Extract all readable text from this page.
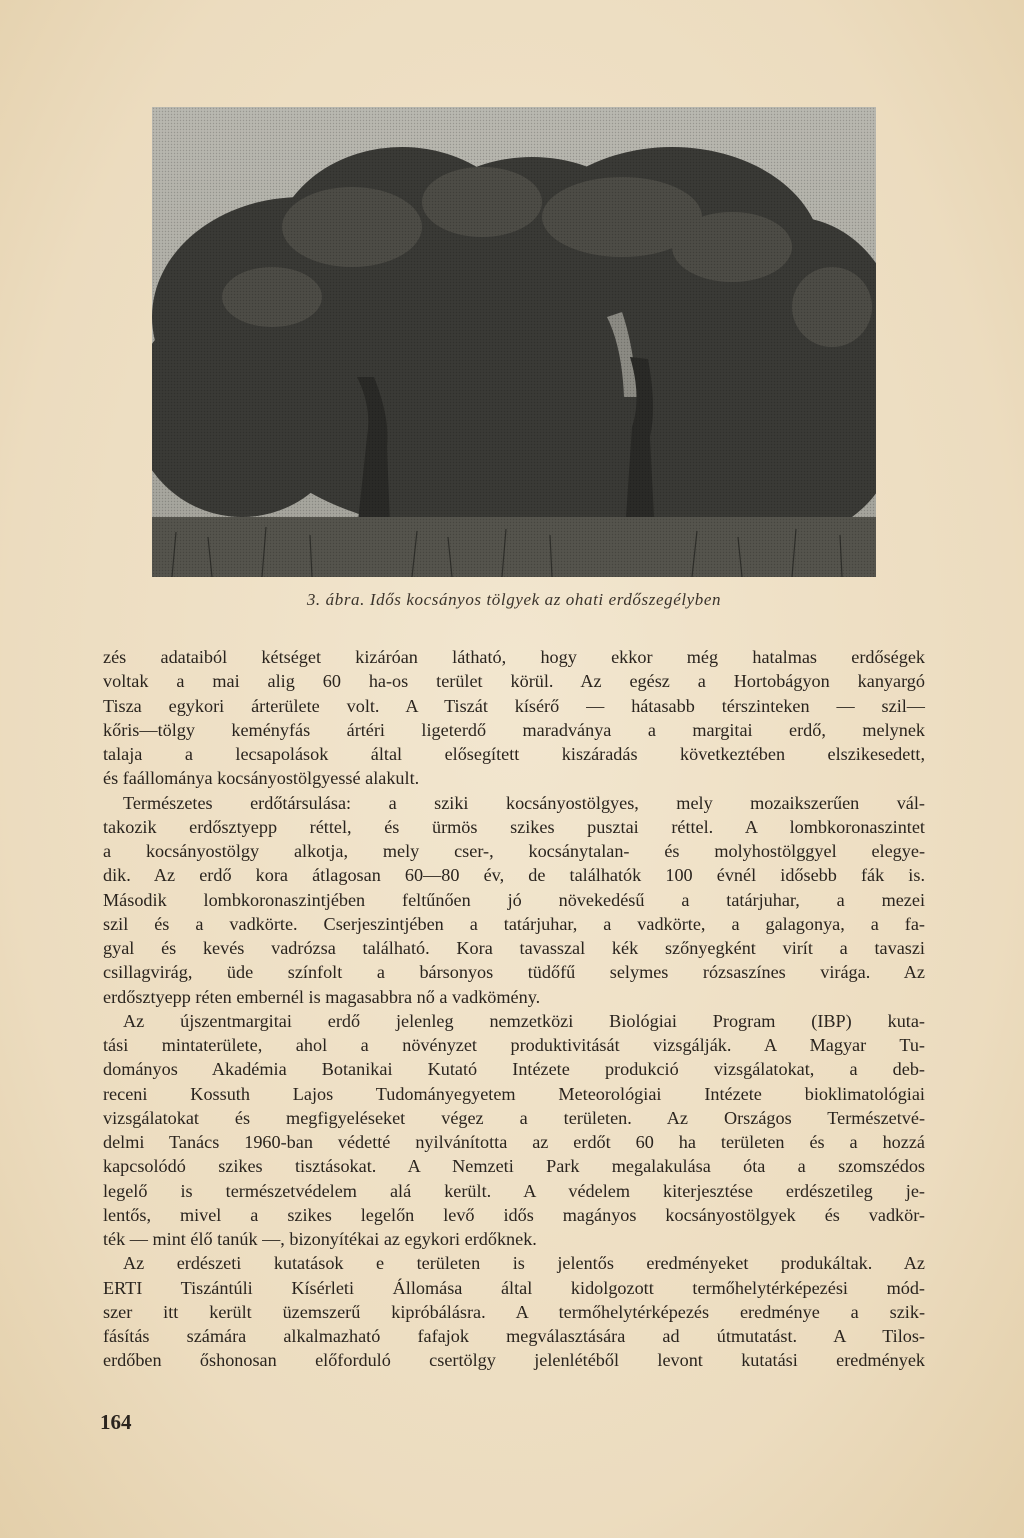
3. ábra. Idős kocsányos tölgyek az ohati erdőszegélyben
zés adataiból kétséget kizáróan látható, hogy ekkor még hatalmas erdőségek
voltak a mai alig 60 ha-os terület körül. Az egész a Hortobágyon kanyargó
Tisza egykori árterülete volt. A Tiszát kísérő — hátasabb térszinteken — szil—
kőris—tölgy keményfás ártéri ligeterdő maradványa a margitai erdő, melynek
talaja a lecsapolások által elősegített kiszáradás következtében elszikesedett,
és faállománya kocsányostölgyessé alakult.
Természetes erdőtársulása: a sziki kocsányostölgyes, mely mozaikszerűen vál-
takozik erdősztyepp réttel, és ürmös szikes pusztai réttel. A lombkoronaszintet
a kocsányostölgy alkotja, mely cser-, kocsánytalan- és molyhostölggyel elegye-
dik. Az erdő kora átlagosan 60—80 év, de találhatók 100 évnél idősebb fák is.
Második lombkoronaszintjében feltűnően jó növekedésű a tatárjuhar, a mezei
szil és a vadkörte. Cserjeszintjében a tatárjuhar, a vadkörte, a galagonya, a fa-
gyal és kevés vadrózsa található. Kora tavasszal kék szőnyegként virít a tavaszi
csillagvirág, üde színfolt a bársonyos tüdőfű selymes rózsaszínes virága. Az
erdősztyepp réten embernél is magasabbra nő a vadkömény.
Az újszentmargitai erdő jelenleg nemzetközi Biológiai Program (IBP) kuta-
tási mintaterülete, ahol a növényzet produktivitását vizsgálják. A Magyar Tu-
dományos Akadémia Botanikai Kutató Intézete produkció vizsgálatokat, a deb-
receni Kossuth Lajos Tudományegyetem Meteorológiai Intézete bioklimatológiai
vizsgálatokat és megfigyeléseket végez a területen. Az Országos Természetvé-
delmi Tanács 1960-ban védetté nyilvánította az erdőt 60 ha területen és a hozzá
kapcsolódó szikes tisztásokat. A Nemzeti Park megalakulása óta a szomszédos
legelő is természetvédelem alá került. A védelem kiterjesztése erdészetileg je-
lentős, mivel a szikes legelőn levő idős magányos kocsányostölgyek és vadkör-
ték — mint élő tanúk —, bizonyítékai az egykori erdőknek.
Az erdészeti kutatások e területen is jelentős eredményeket produkáltak. Az
ERTI Tiszántúli Kísérleti Állomása által kidolgozott termőhelytérképezési mód-
szer itt került üzemszerű kipróbálásra. A termőhelytérképezés eredménye a szik-
fásítás számára alkalmazható fafajok megválasztására ad útmutatást. A Tilos-
erdőben őshonosan előforduló csertölgy jelenlétéből levont kutatási eredmények
164
